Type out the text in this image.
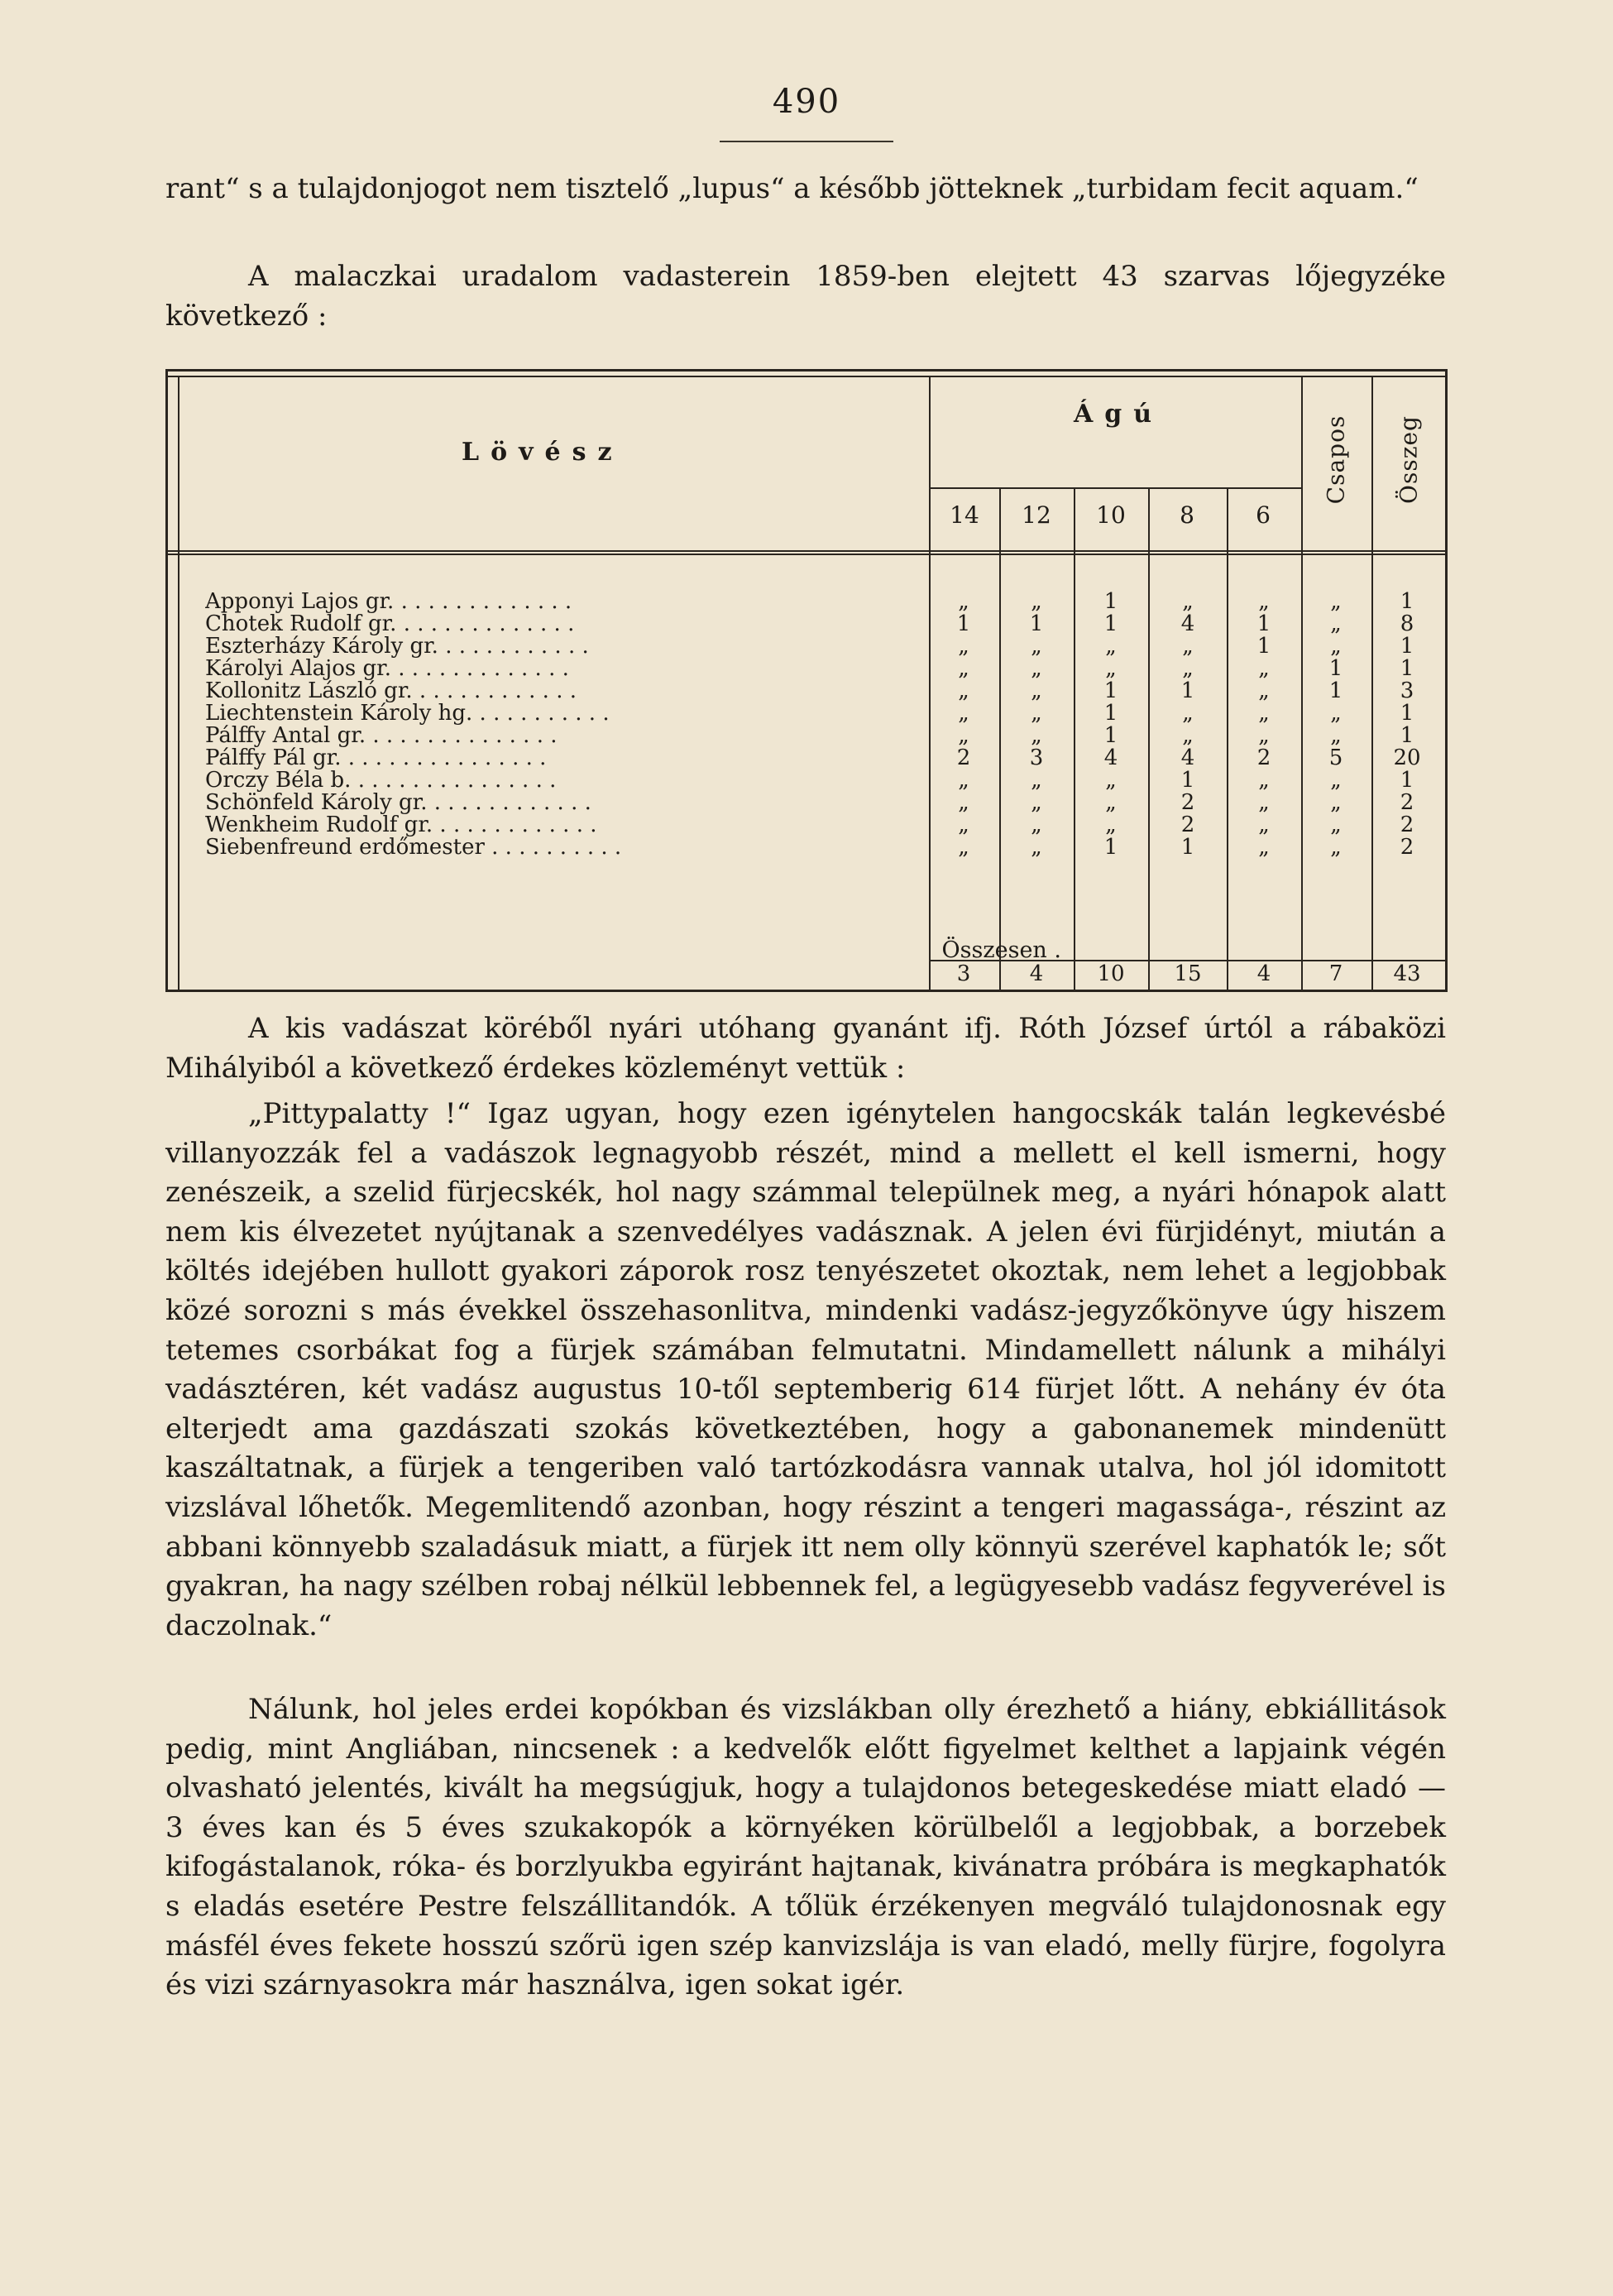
490

rant“ s a tulajdonjogot nem tisztelő „lupus“ a később jötteknek „turbidam fecit aquam.“

A malaczkai uradalom vadasterein 1859-ben elejtett 43 szarvas lőjegyzéke következő :

Lövész
Ágú
14	12	10	8	6
Csapos Összeg
Apponyi Lajos gr. . . . . . . . . . . . . .	„	„	1	„	„	„	1
Chotek Rudolf gr. . . . . . . . . . . . . .	1	1	1	4	1	„	8
Eszterházy Károly gr. . . . . . . . . . . .	„	„	„	„	1	„	1
Károlyi Alajos gr. . . . . . . . . . . . . .	„	„	„	„	„	1	1
Kollonitz László gr. . . . . . . . . . . . .	„	„	1	1	„	1	3
Liechtenstein Károly hg. . . . . . . . . . .	„	„	1	„	„	„	1
Pálffy Antal gr. . . . . . . . . . . . . . .	„	„	1	„	„	„	1
Pálffy Pál gr. . . . . . . . . . . . . . . .	2	3	4	4	2	5	20
Orczy Béla b. . . . . . . . . . . . . . . .	„	„	„	1	„	„	1
Schönfeld Károly gr. . . . . . . . . . . . .	„	„	„	2	„	„	2
Wenkheim Rudolf gr. . . . . . . . . . . . .	„	„	„	2	„	„	2
Siebenfreund erdőmester . . . . . . . . . .	„	„	1	1	„	„	2
Összesen .
3	4	10	15	4	7	43

A kis vadászat köréből nyári utóhang gyanánt ifj. Róth József úrtól a rábaközi Mihályiból a következő érdekes közleményt vettük :

„Pittypalatty !“ Igaz ugyan, hogy ezen igénytelen hangocskák talán legkevésbé villanyozzák fel a vadászok legnagyobb részét, mind a mellett el kell ismerni, hogy zenészeik, a szelid fürjecskék, hol nagy számmal települnek meg, a nyári hónapok alatt nem kis élvezetet nyújtanak a szenvedélyes vadásznak. A jelen évi fürjidényt, miután a költés idejében hullott gyakori záporok rosz tenyészetet okoztak, nem lehet a legjobbak közé sorozni s más évekkel összehasonlitva, mindenki vadász-jegyzőkönyve úgy hiszem tetemes csorbákat fog a fürjek számában felmutatni. Mindamellett nálunk a mihályi vadásztéren, két vadász augustus 10-től septemberig 614 fürjet lőtt. A nehány év óta elterjedt ama gazdászati szokás következtében, hogy a gabonanemek mindenütt kaszáltatnak, a fürjek a tengeriben való tartózkodásra vannak utalva, hol jól idomitott vizslával lőhetők. Megemlitendő azonban, hogy részint a tengeri magassága-, részint az abbani könnyebb szaladásuk miatt, a fürjek itt nem olly könnyü szerével kaphatók le; sőt gyakran, ha nagy szélben robaj nélkül lebbennek fel, a legügyesebb vadász fegyverével is daczolnak.“

Nálunk, hol jeles erdei kopókban és vizslákban olly érezhető a hiány, ebkiállitások pedig, mint Angliában, nincsenek : a kedvelők előtt figyelmet kelthet a lapjaink végén olvasható jelentés, kivált ha megsúgjuk, hogy a tulajdonos betegeskedése miatt eladó — 3 éves kan és 5 éves szukakopók a környéken körülbelől a legjobbak, a borzebek kifogástalanok, róka- és borzlyukba egyiránt hajtanak, kivánatra próbára is megkaphatók s eladás esetére Pestre felszállitandók. A tőlük érzékenyen megváló tulajdonosnak egy másfél éves fekete hosszú szőrü igen szép kanvizslája is van eladó, melly fürjre, fogolyra és vizi szárnyasokra már használva, igen sokat igér.
